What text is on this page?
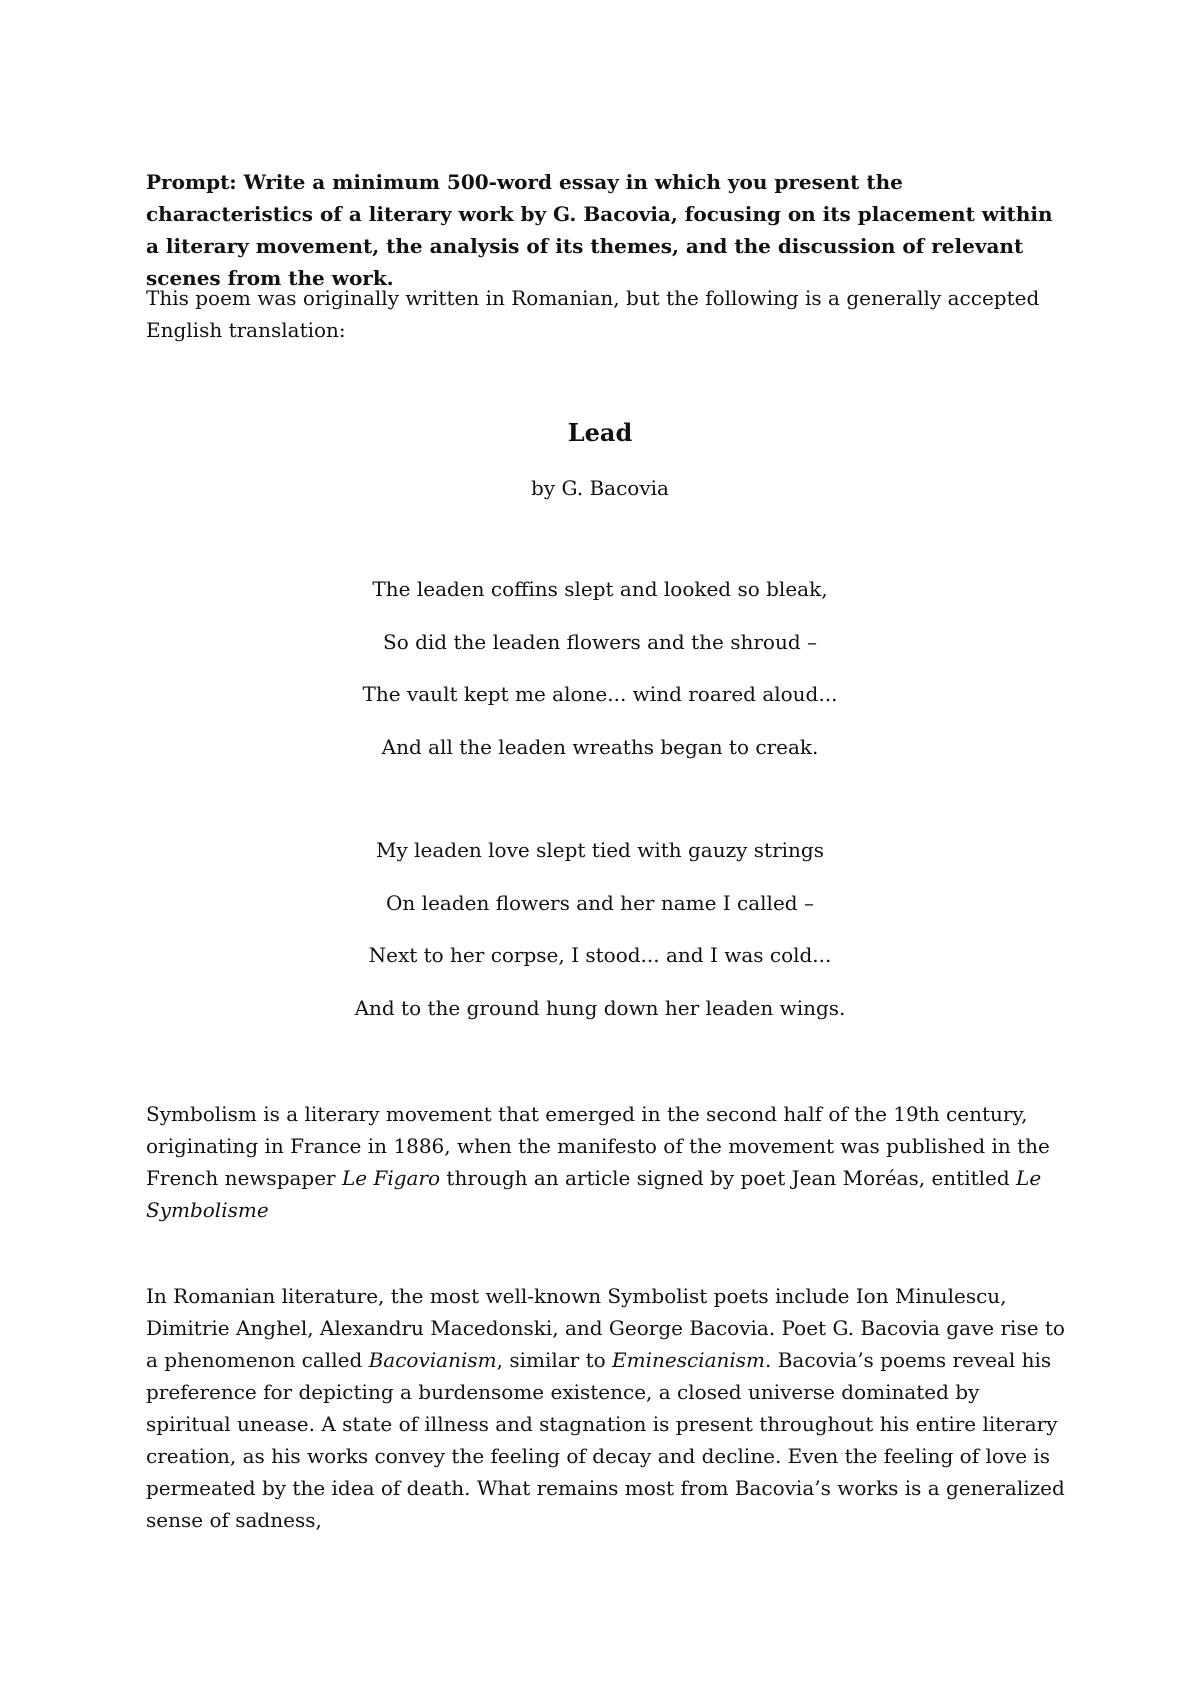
Prompt: Write a minimum 500-word essay in which you present the characteristics of a literary work by G. Bacovia, focusing on its placement within a literary movement, the analysis of its themes, and the discussion of relevant scenes from the work.

This poem was originally written in Romanian, but the following is a generally accepted English translation:

Lead

by G. Bacovia

The leaden coffins slept and looked so bleak,
So did the leaden flowers and the shroud –
The vault kept me alone... wind roared aloud...
And all the leaden wreaths began to creak.
My leaden love slept tied with gauzy strings
On leaden flowers and her name I called –
Next to her corpse, I stood... and I was cold...
And to the ground hung down her leaden wings.

Symbolism is a literary movement that emerged in the second half of the 19th century, originating in France in 1886, when the manifesto of the movement was published in the French newspaper Le Figaro through an article signed by poet Jean Moréas, entitled Le Symbolisme

In Romanian literature, the most well-known Symbolist poets include Ion Minulescu, Dimitrie Anghel, Alexandru Macedonski, and George Bacovia. Poet G. Bacovia gave rise to a phenomenon called Bacovianism, similar to Eminescianism. Bacovia’s poems reveal his preference for depicting a burdensome existence, a closed universe dominated by spiritual unease. A state of illness and stagnation is present throughout his entire literary creation, as his works convey the feeling of decay and decline. Even the feeling of love is permeated by the idea of death. What remains most from Bacovia’s works is a generalized sense of sadness,
